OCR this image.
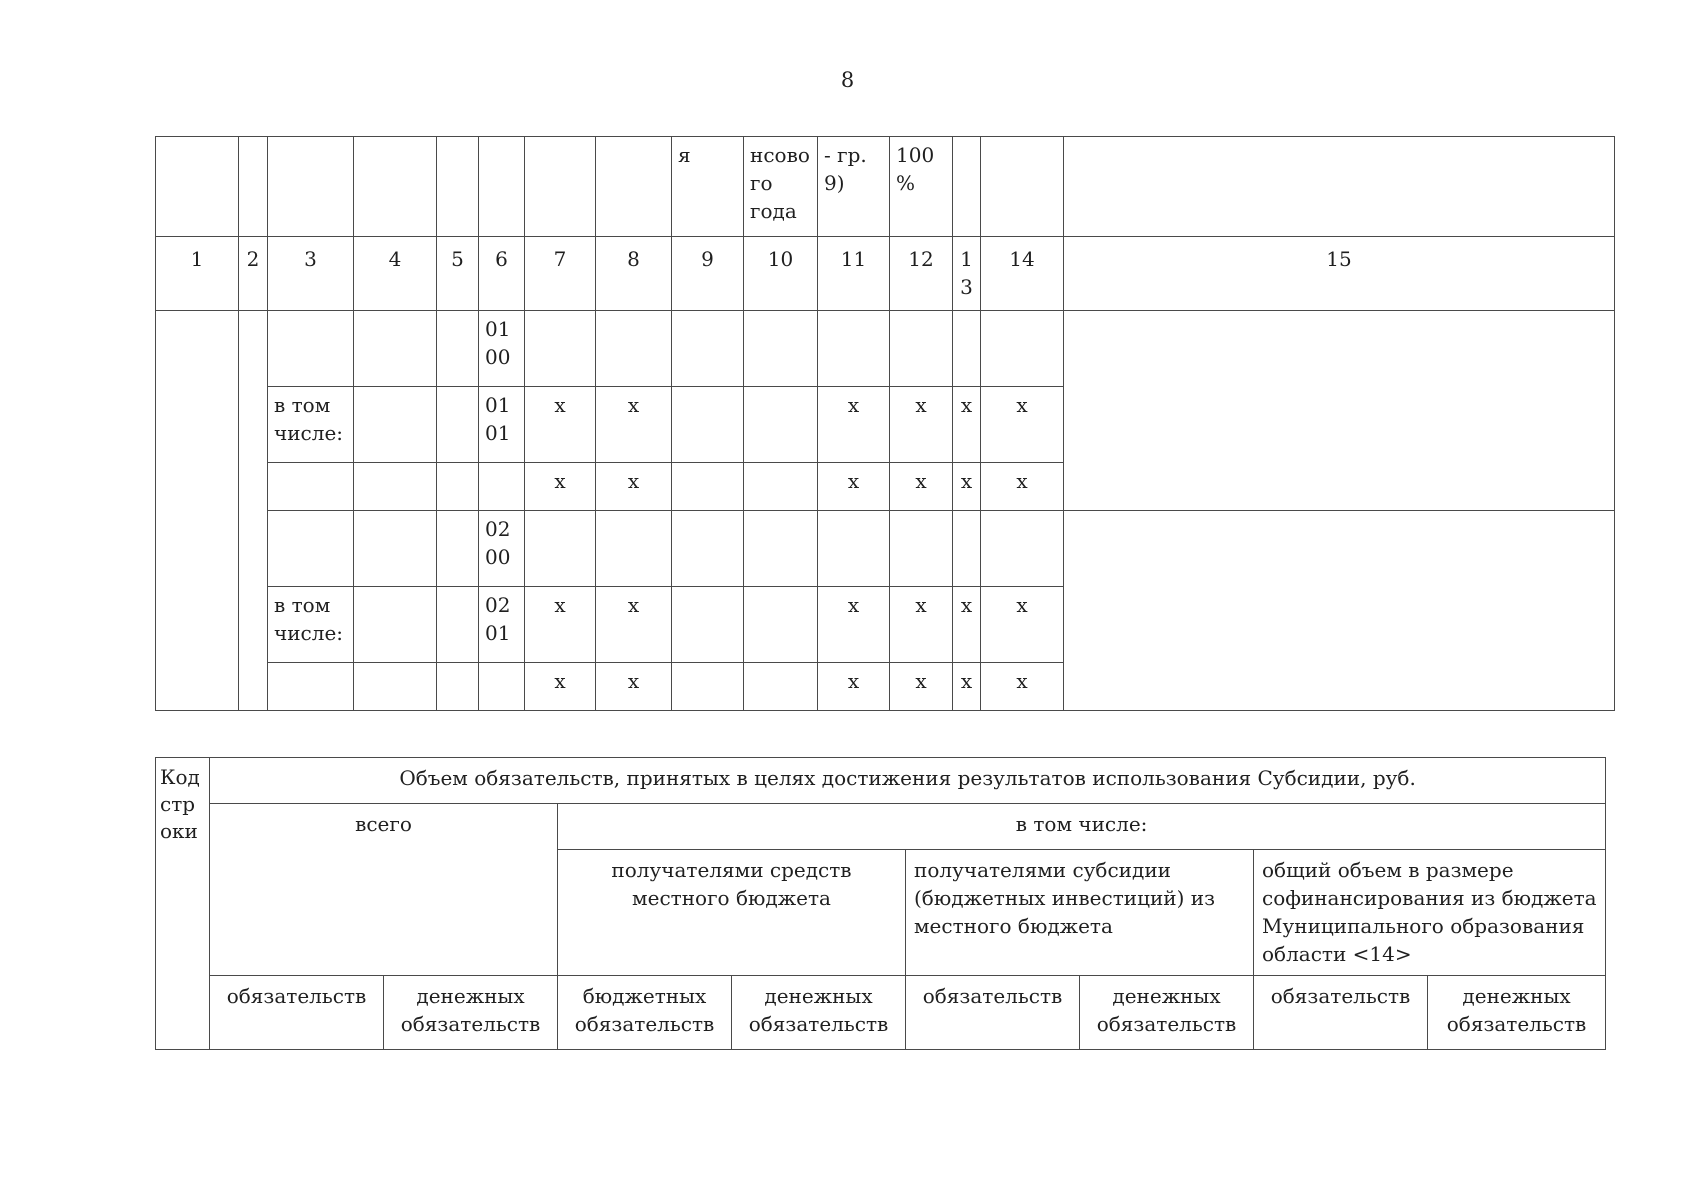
8
								я	нсово го года	- гр. 9)	100 %			
1	2	3	4	5	6	7	8	9	10	11	12	1 3	14	15
					01 00									
		в том числе:			01 01	х	х			х	х	х	х	
						х	х			х	х	х	х	
					02 00									
		в том числе:			02 01	х	х			х	х	х	х	
						х	х			х	х	х	х	
Код стр оки	Объем обязательств, принятых в целях достижения результатов использования Субсидии, руб.							
	всего		в том числе:					
			получателями средств местного бюджета		получателями субсидии (бюджетных инвестиций) из местного бюджета		общий объем в размере софинансирования из бюджета Муниципального образования области <14>	
	обязательств	денежных обязательств	бюджетных обязательств	денежных обязательств	обязательств	денежных обязательств	обязательств	денежных обязательств
